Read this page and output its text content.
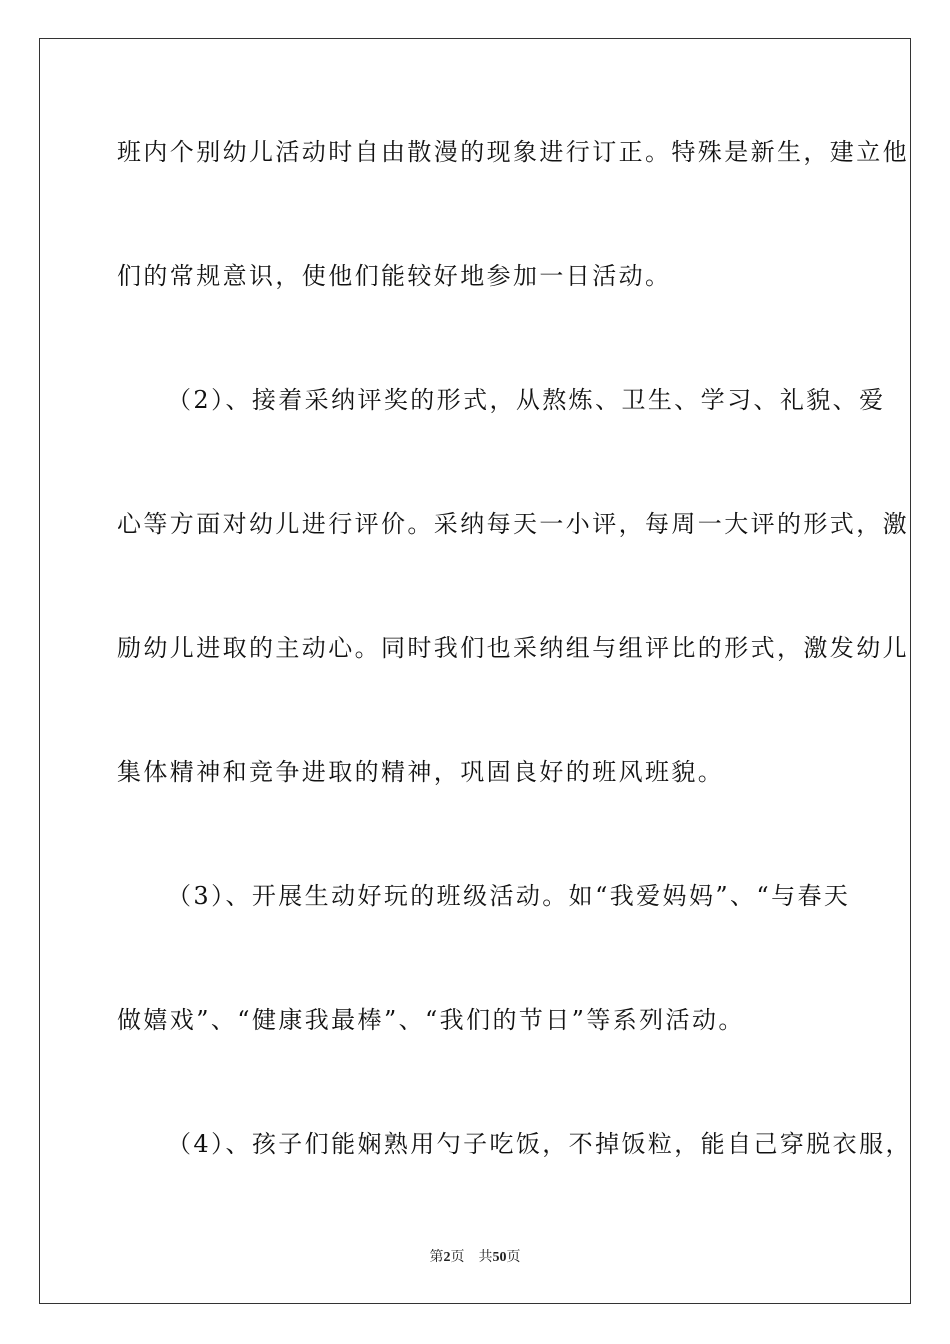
班内个别幼儿活动时自由散漫的现象进行订正。特殊是新生，建立他
们的常规意识，使他们能较好地参加一日活动。
（2）、接着采纳评奖的形式，从熬炼、卫生、学习、礼貌、爱
心等方面对幼儿进行评价。采纳每天一小评，每周一大评的形式，激
励幼儿进取的主动心。同时我们也采纳组与组评比的形式，激发幼儿
集体精神和竞争进取的精神，巩固良好的班风班貌。
（3）、开展生动好玩的班级活动。如“我爱妈妈”、“与春天
做嬉戏”、“健康我最棒”、“我们的节日”等系列活动。
（4）、孩子们能娴熟用勺子吃饭，不掉饭粒，能自己穿脱衣服，
第2页 共50页
